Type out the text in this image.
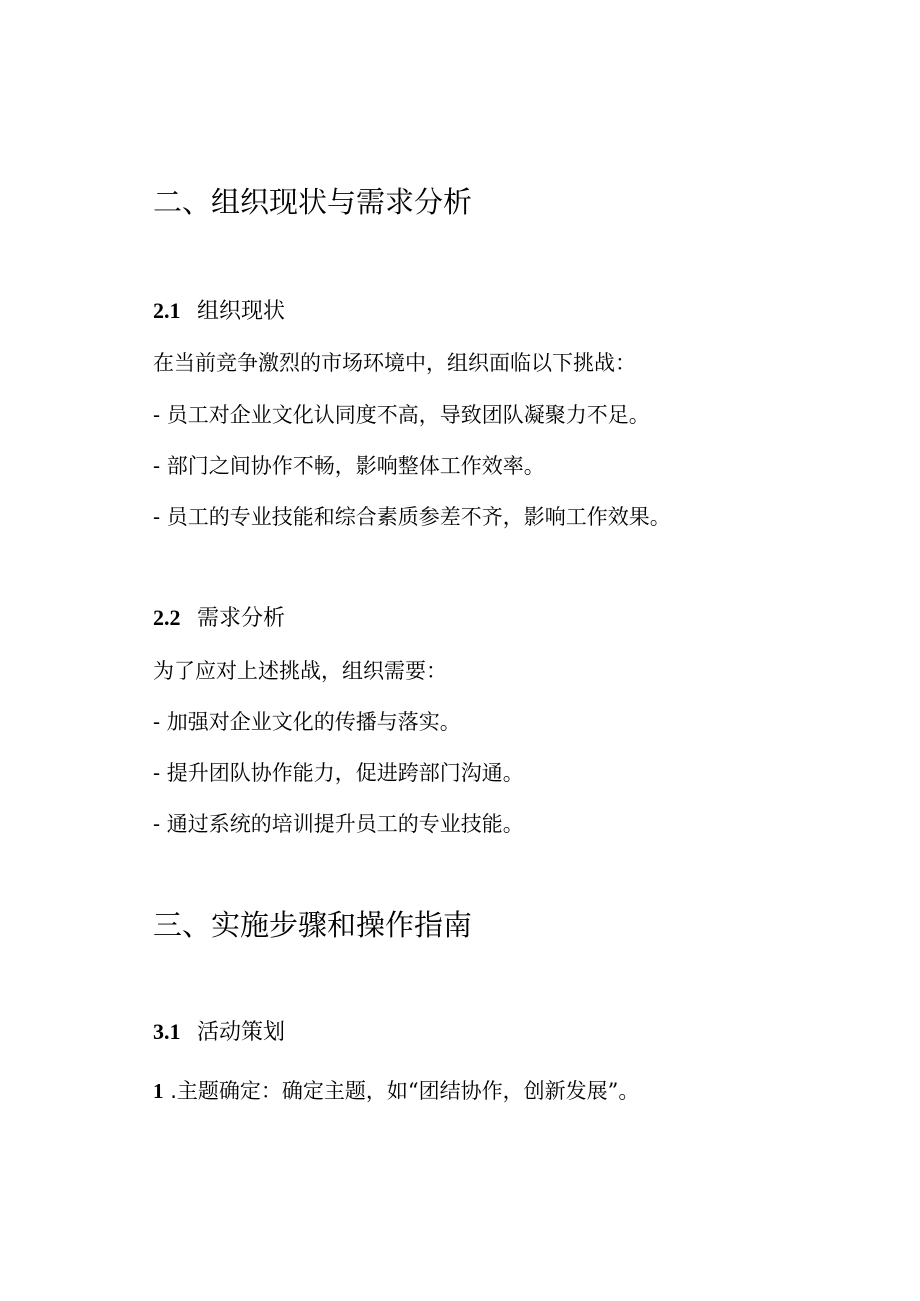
二、组织现状与需求分析
2.1 组织现状
在当前竞争激烈的市场环境中，组织面临以下挑战：
- 员工对企业文化认同度不高，导致团队凝聚力不足。
- 部门之间协作不畅，影响整体工作效率。
- 员工的专业技能和综合素质参差不齐，影响工作效果。
2.2 需求分析
为了应对上述挑战，组织需要：
- 加强对企业文化的传播与落实。
- 提升团队协作能力，促进跨部门沟通。
- 通过系统的培训提升员工的专业技能。
三、实施步骤和操作指南
3.1 活动策划
1 .主题确定：确定主题，如“团结协作，创新发展”。
